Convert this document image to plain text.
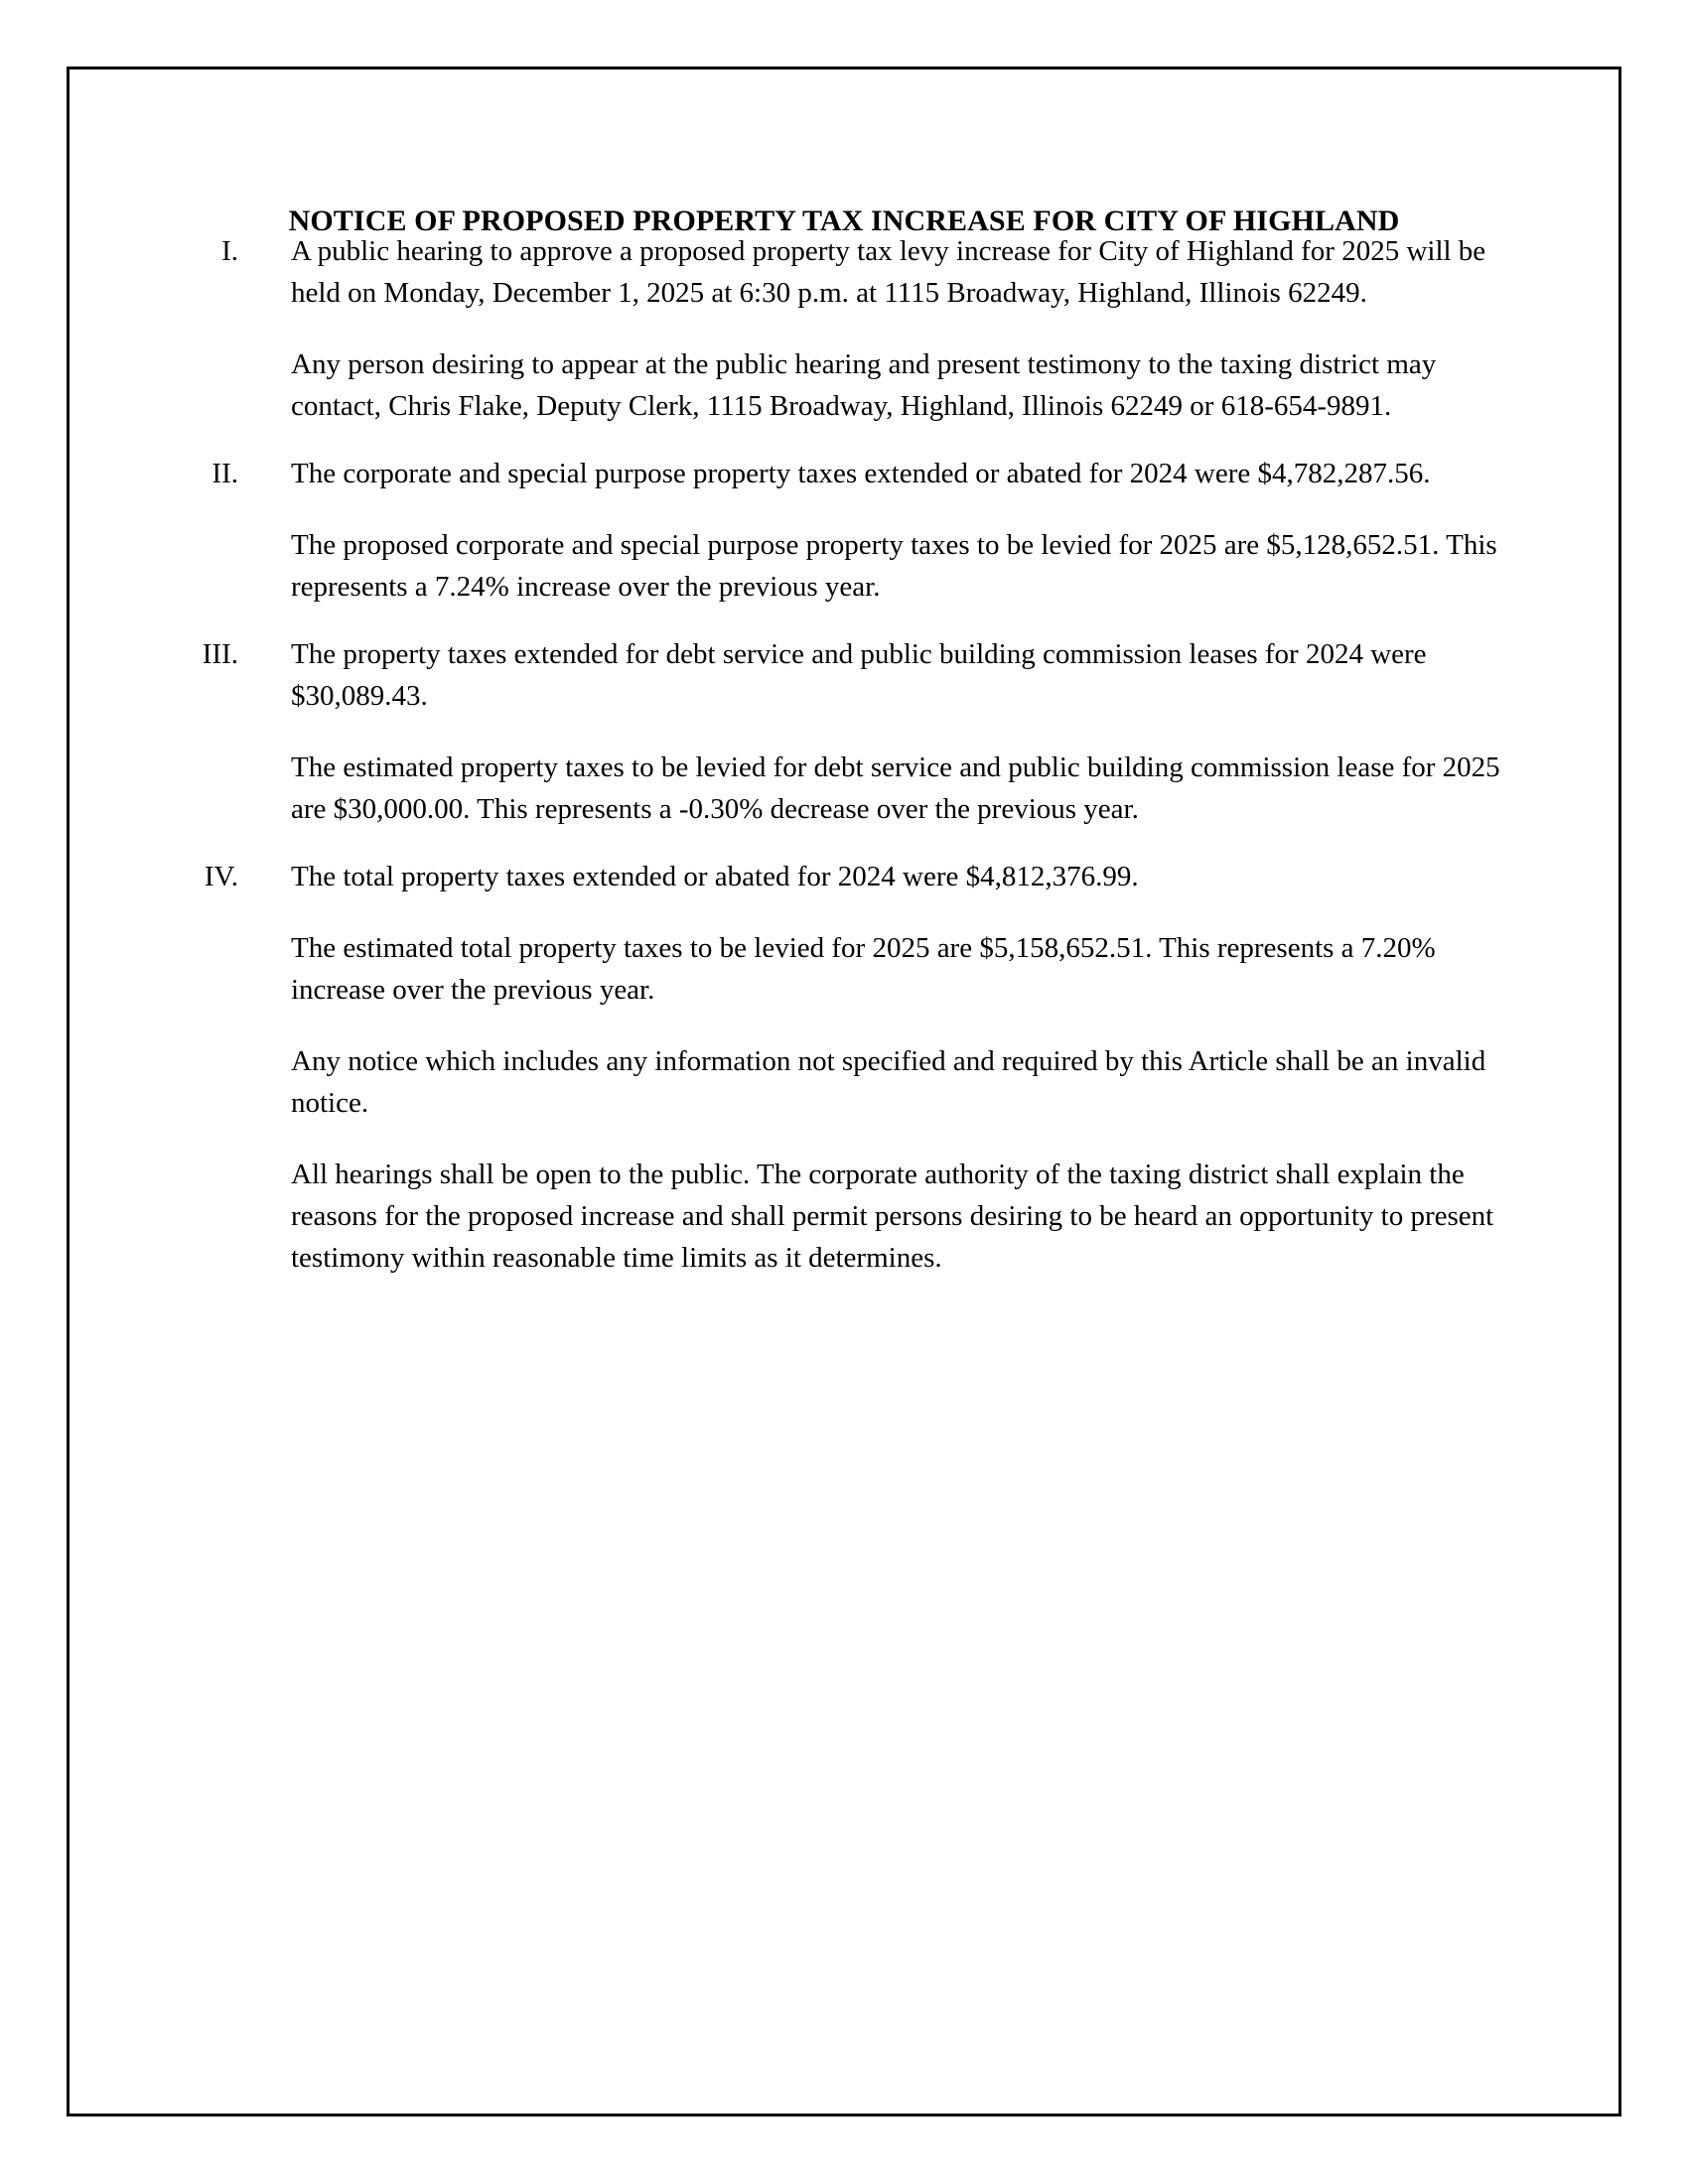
NOTICE OF PROPOSED PROPERTY TAX INCREASE FOR CITY OF HIGHLAND
I. A public hearing to approve a proposed property tax levy increase for City of Highland for 2025 will be held on Monday, December 1, 2025 at 6:30 p.m. at 1115 Broadway, Highland, Illinois 62249.

Any person desiring to appear at the public hearing and present testimony to the taxing district may contact, Chris Flake, Deputy Clerk, 1115 Broadway, Highland, Illinois 62249 or 618-654-9891.

II. The corporate and special purpose property taxes extended or abated for 2024 were $4,782,287.56.

The proposed corporate and special purpose property taxes to be levied for 2025 are $5,128,652.51. This represents a 7.24% increase over the previous year.

III. The property taxes extended for debt service and public building commission leases for 2024 were $30,089.43.

The estimated property taxes to be levied for debt service and public building commission lease for 2025 are $30,000.00. This represents a -0.30% decrease over the previous year.

IV. The total property taxes extended or abated for 2024 were $4,812,376.99.

The estimated total property taxes to be levied for 2025 are $5,158,652.51. This represents a 7.20% increase over the previous year.

Any notice which includes any information not specified and required by this Article shall be an invalid notice.

All hearings shall be open to the public. The corporate authority of the taxing district shall explain the reasons for the proposed increase and shall permit persons desiring to be heard an opportunity to present testimony within reasonable time limits as it determines.
